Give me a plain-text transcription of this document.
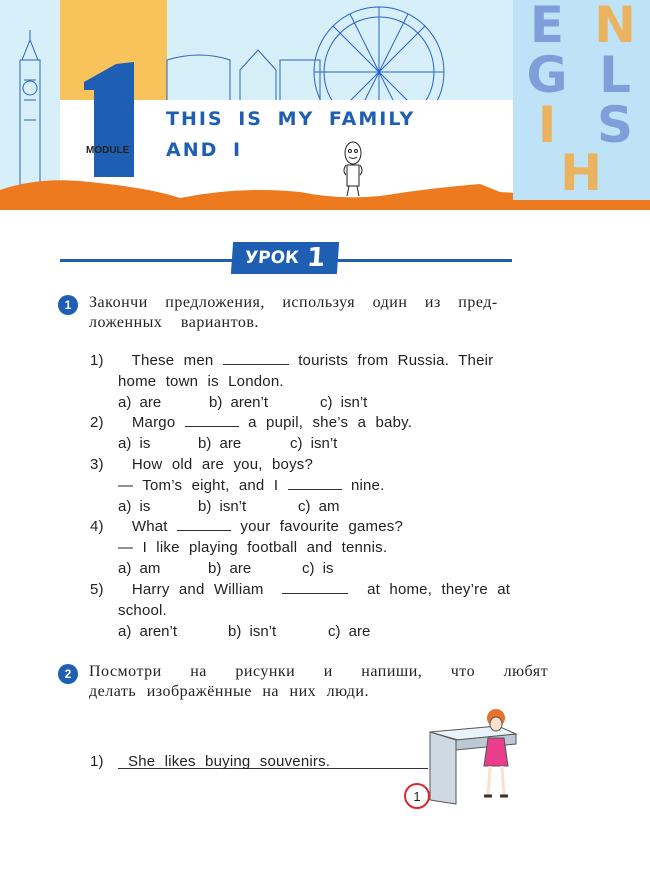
E N
G L
I S
H
MODULE
THIS IS MY FAMILY
AND I
УРОК 1
1	Закончи предложения, используя один из пред-
ложенных вариантов.
1) These men	tourists from Russia. Their
home town is London.
a) are	b) aren’t	c) isn’t
2) Margo	a pupil, she’s a baby.
a) is	b) are	c) isn’t
3) How old are you, boys?
— Tom’s eight, and I	nine.
a) is	b) isn’t	c) am
4) What	your favourite games?
— I like playing football and tennis.
a) am	b) are	c) is
5) Harry and William	at home, they’re at
school.
a) aren’t	b) isn’t	c) are
2	Посмотри на рисунки и напиши, что любят
делать изображённые на них люди.
1)	She likes buying souvenirs.
1
